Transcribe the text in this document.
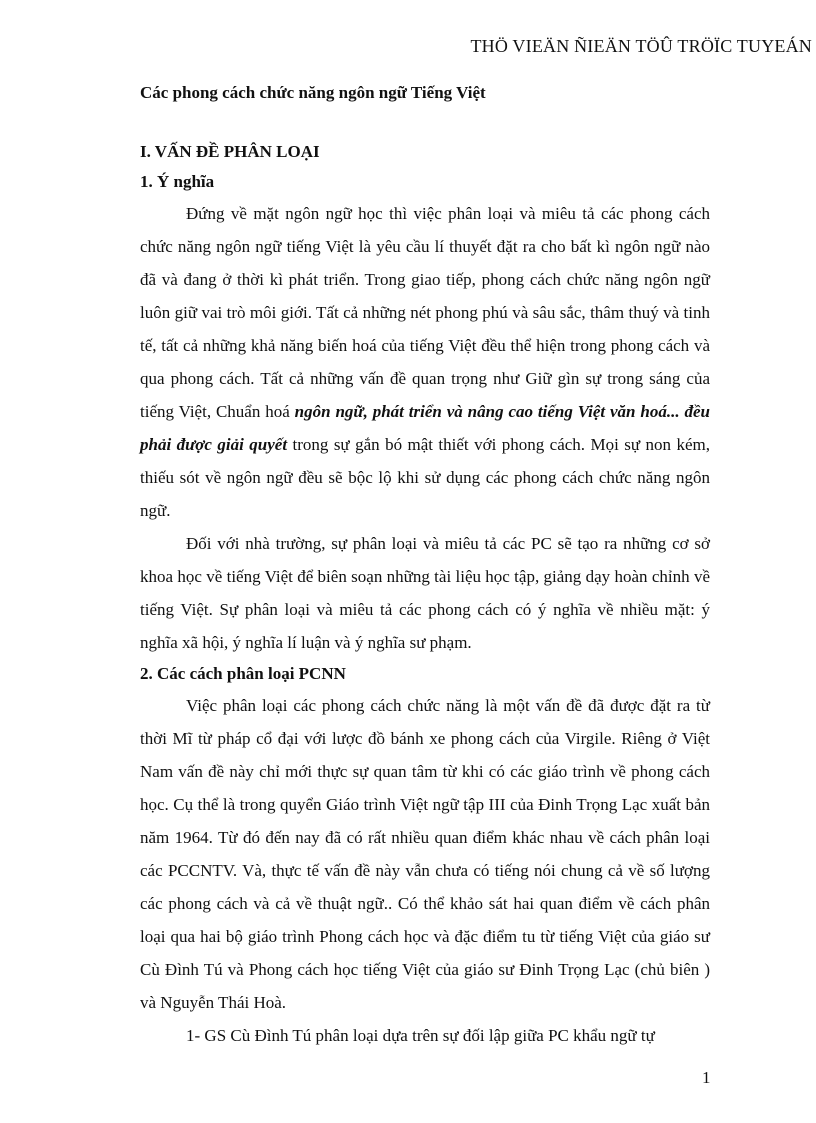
THÖ VIEÄN ÑIEÄN TÖÛ TRÖÏC TUYEÁN

Các phong cách chức năng ngôn ngữ Tiếng Việt

I. VẤN ĐỀ PHÂN LOẠI

1. Ý nghĩa

Đứng về mặt ngôn ngữ học thì việc phân loại và miêu tả các phong cách chức năng ngôn ngữ tiếng Việt là yêu cầu lí thuyết đặt ra cho bất kì ngôn ngữ nào đã và đang ở thời kì phát triển. Trong giao tiếp, phong cách chức năng ngôn ngữ luôn giữ vai trò môi giới. Tất cả những nét phong phú và sâu sắc, thâm thuý và tinh tế, tất cả những khả năng biến hoá của tiếng Việt đều thể hiện trong phong cách và qua phong cách. Tất cả những vấn đề quan trọng như Giữ gìn sự trong sáng của tiếng Việt, Chuẩn hoá ngôn ngữ, phát triển và nâng cao tiếng Việt văn hoá... đều phải được giải quyết trong sự gắn bó mật thiết với phong cách. Mọi sự non kém, thiếu sót về ngôn ngữ đều sẽ bộc lộ khi sử dụng các phong cách chức năng ngôn ngữ.

Đối với nhà trường, sự phân loại và miêu tả các PC sẽ tạo ra những cơ sở khoa học về tiếng Việt để biên soạn những tài liệu học tập, giảng dạy hoàn chỉnh về tiếng Việt. Sự phân loại và miêu tả các phong cách có ý nghĩa về nhiều mặt: ý nghĩa xã hội, ý nghĩa lí luận và ý nghĩa sư phạm.

2. Các cách phân loại PCNN

Việc phân loại các phong cách chức năng là một vấn đề đã được đặt ra từ thời Mĩ từ pháp cổ đại với lược đồ bánh xe phong cách của Virgile. Riêng ở Việt Nam vấn đề này chỉ mới thực sự quan tâm từ khi có các giáo trình về phong cách học. Cụ thể là trong quyển Giáo trình Việt ngữ tập III của Đinh Trọng Lạc xuất bản năm 1964. Từ đó đến nay đã có rất nhiều quan điểm khác nhau về cách phân loại các PCCNTV. Và, thực tế vấn đề này vẫn chưa có tiếng nói chung cả về số lượng các phong cách và cả về thuật ngữ.. Có thể khảo sát hai quan điểm về cách phân loại qua hai bộ giáo trình Phong cách học và đặc điểm tu từ tiếng Việt của giáo sư Cù Đình Tú và Phong cách học tiếng Việt của giáo sư Đinh Trọng Lạc (chủ biên ) và Nguyễn Thái Hoà.

1- GS Cù Đình Tú phân loại dựa trên sự đối lập giữa PC khẩu ngữ tự

1
